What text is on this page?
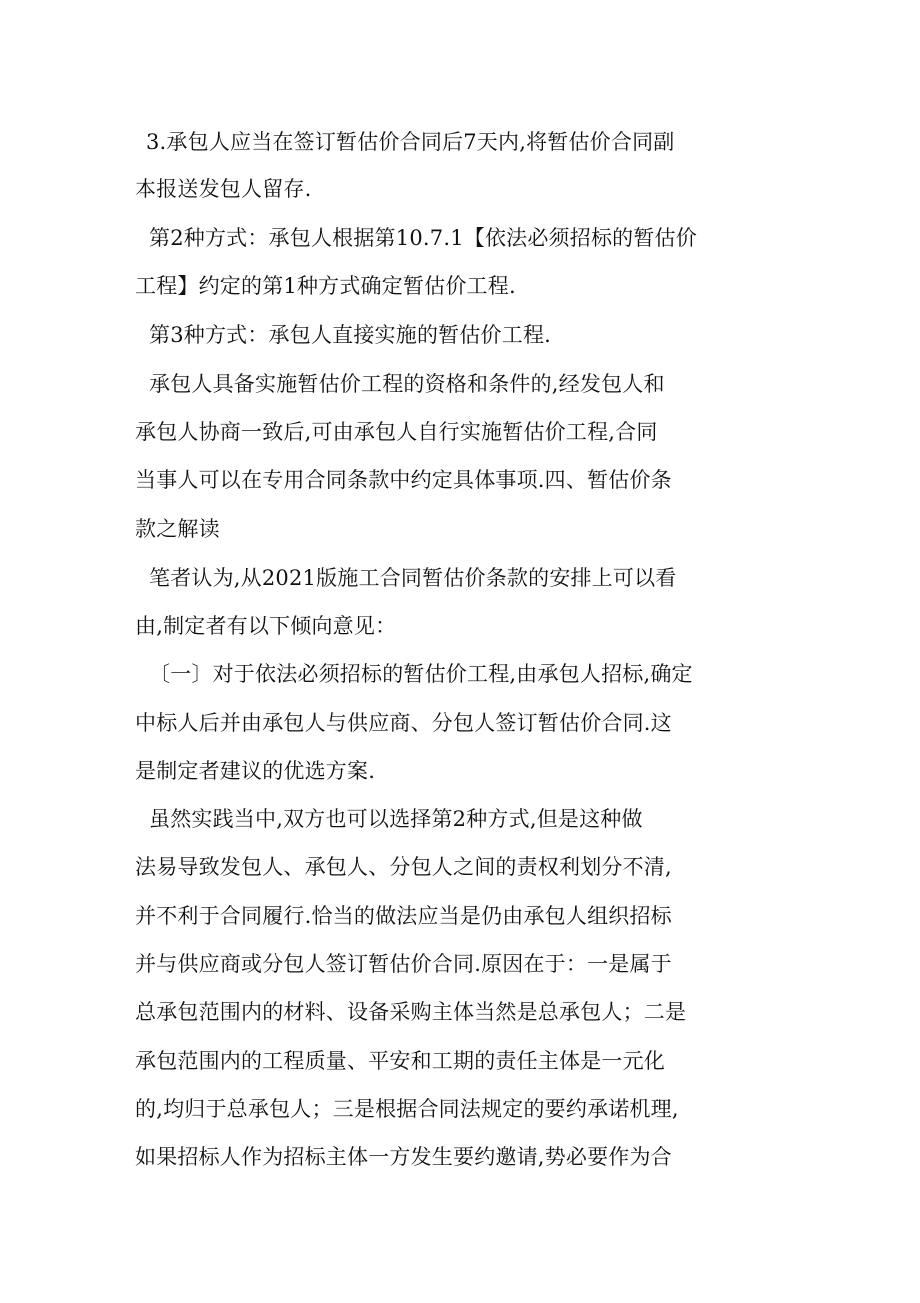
3.承包人应当在签订暂估价合同后7天内,将暂估价合同副
本报送发包人留存.
第2种方式：承包人根据第10.7.1【依法必须招标的暂估价
工程】约定的第1种方式确定暂估价工程.
第3种方式：承包人直接实施的暂估价工程.
承包人具备实施暂估价工程的资格和条件的,经发包人和
承包人协商一致后,可由承包人自行实施暂估价工程,合同
当事人可以在专用合同条款中约定具体事项.四、暂估价条
款之解读
笔者认为,从2021版施工合同暂估价条款的安排上可以看
由,制定者有以下倾向意见：
〔一〕对于依法必须招标的暂估价工程,由承包人招标,确定
中标人后并由承包人与供应商、分包人签订暂估价合同.这
是制定者建议的优选方案.
虽然实践当中,双方也可以选择第2种方式,但是这种做
法易导致发包人、承包人、分包人之间的责权利划分不清,
并不利于合同履行.恰当的做法应当是仍由承包人组织招标
并与供应商或分包人签订暂估价合同.原因在于：一是属于
总承包范围内的材料、设备采购主体当然是总承包人；二是
承包范围内的工程质量、平安和工期的责任主体是一元化
的,均归于总承包人；三是根据合同法规定的要约承诺机理,
如果招标人作为招标主体一方发生要约邀请,势必要作为合
